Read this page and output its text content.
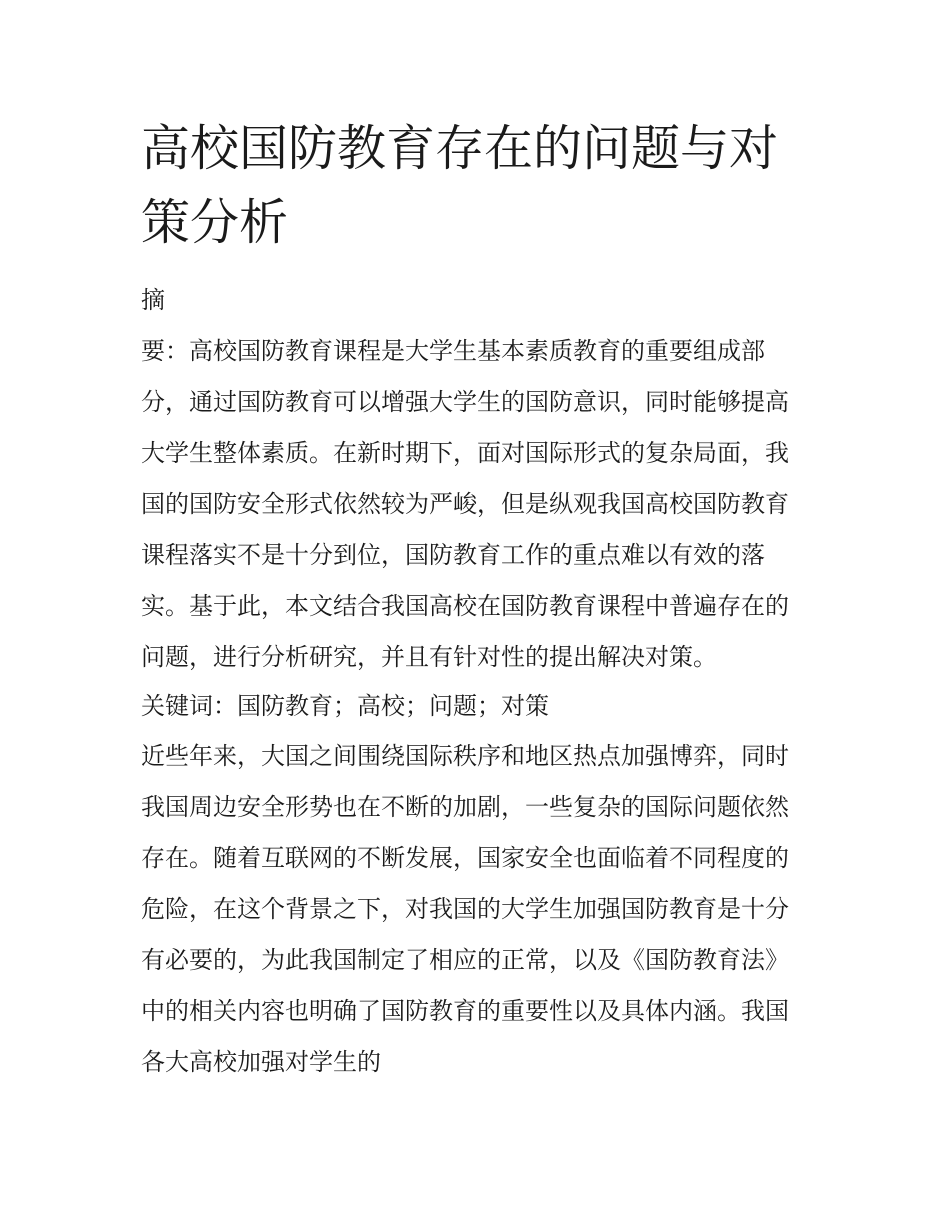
高校国防教育存在的问题与对
策分析

摘

要：高校国防教育课程是大学生基本素质教育的重要组成部

分，通过国防教育可以增强大学生的国防意识，同时能够提高

大学生整体素质。在新时期下，面对国际形式的复杂局面，我

国的国防安全形式依然较为严峻，但是纵观我国高校国防教育

课程落实不是十分到位，国防教育工作的重点难以有效的落

实。基于此，本文结合我国高校在国防教育课程中普遍存在的

问题，进行分析研究，并且有针对性的提出解决对策。

关键词：国防教育；高校；问题；对策

近些年来，大国之间围绕国际秩序和地区热点加强博弈，同时

我国周边安全形势也在不断的加剧，一些复杂的国际问题依然

存在。随着互联网的不断发展，国家安全也面临着不同程度的

危险，在这个背景之下，对我国的大学生加强国防教育是十分

有必要的，为此我国制定了相应的正常，以及《国防教育法》

中的相关内容也明确了国防教育的重要性以及具体内涵。我国

各大高校加强对学生的
